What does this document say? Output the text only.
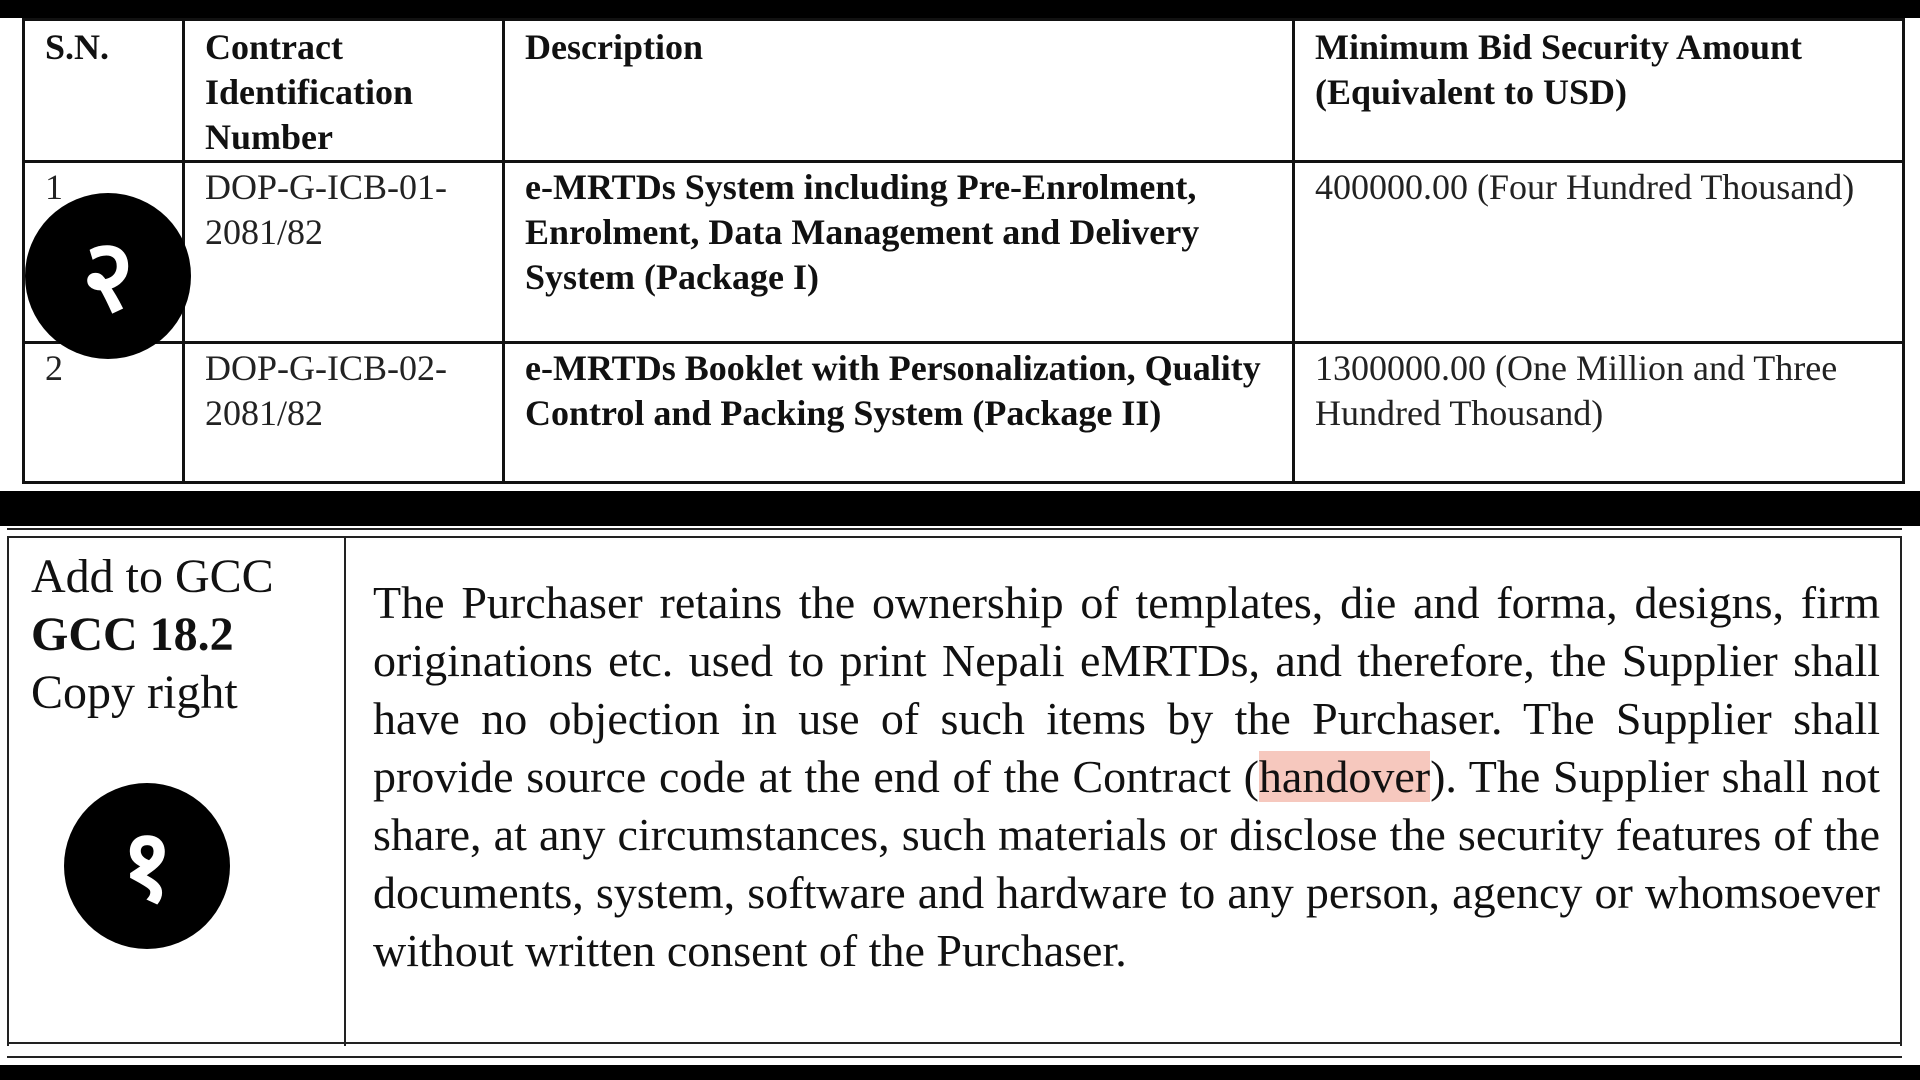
S.N.	Contract Identification Number	Description	Minimum Bid Security Amount (Equivalent to USD)
1	DOP-G-ICB-01-2081/82	e-MRTDs System including Pre-Enrolment, Enrolment, Data Management and Delivery System (Package I)	400000.00 (Four Hundred Thousand)
2	DOP-G-ICB-02-2081/82	e-MRTDs Booklet with Personalization, Quality Control and Packing System (Package II)	1300000.00 (One Million and Three Hundred Thousand)
Add to GCC
GCC 18.2
Copy right
The Purchaser retains the ownership of templates, die and forma, designs, firm originations etc. used to print Nepali eMRTDs, and therefore, the Supplier shall have no objection in use of such items by the Purchaser. The Supplier shall provide source code at the end of the Contract (handover). The Supplier shall not share, at any circumstances, such materials or disclose the security features of the documents, system, software and hardware to any person, agency or whomsoever without written consent of the Purchaser.
२
१
